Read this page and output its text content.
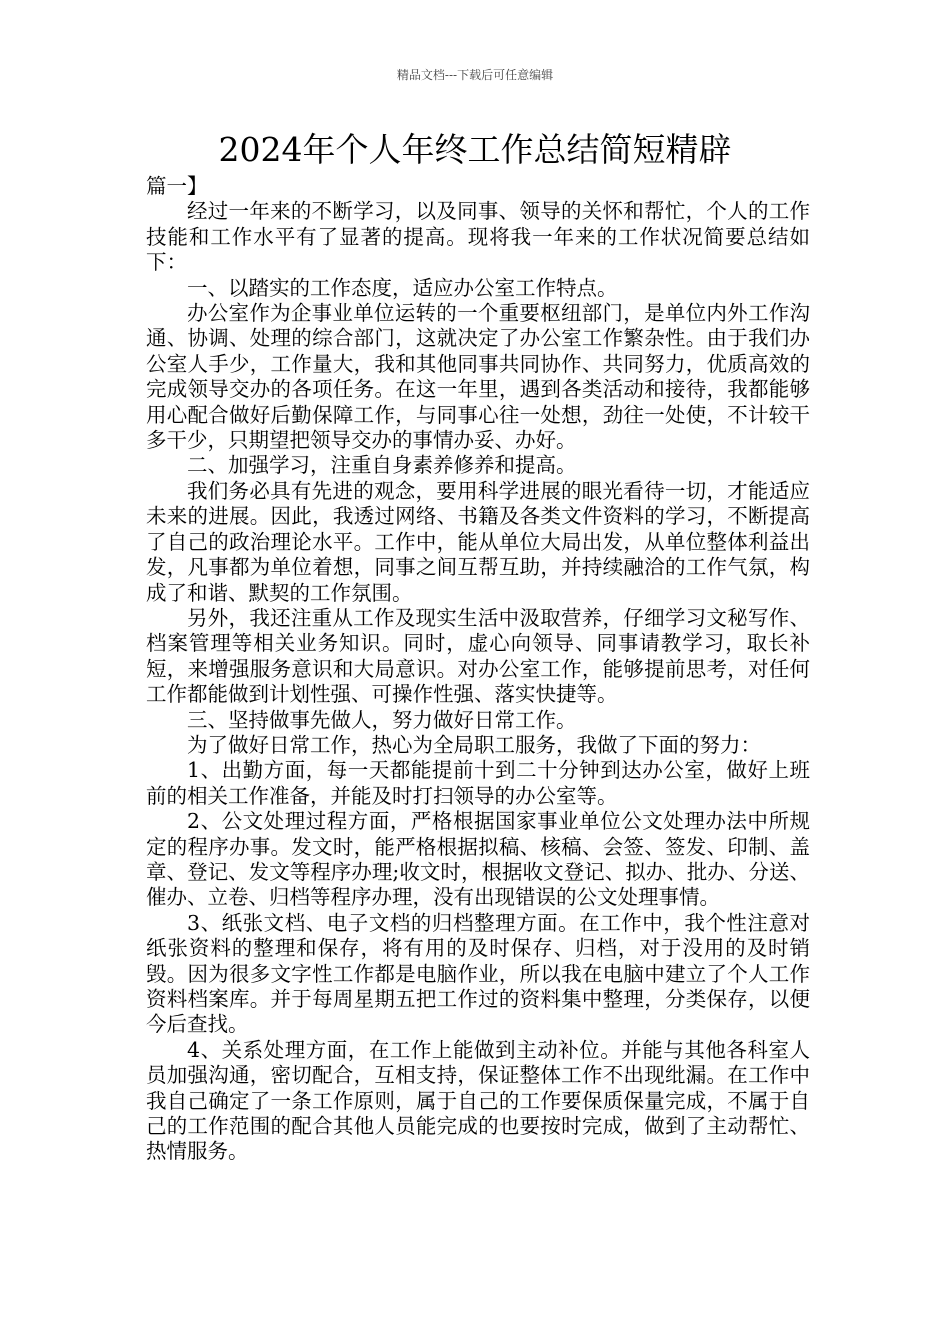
精品文档---下载后可任意编辑
2024年个人年终工作总结简短精辟

篇一】

经过一年来的不断学习，以及同事、领导的关怀和帮忙，个人的工作技能和工作水平有了显著的提高。现将我一年来的工作状况简要总结如下：

一、以踏实的工作态度，适应办公室工作特点。

办公室作为企事业单位运转的一个重要枢纽部门，是单位内外工作沟通、协调、处理的综合部门，这就决定了办公室工作繁杂性。由于我们办公室人手少，工作量大，我和其他同事共同协作、共同努力，优质高效的完成领导交办的各项任务。在这一年里，遇到各类活动和接待，我都能够用心配合做好后勤保障工作，与同事心往一处想，劲往一处使，不计较干多干少，只期望把领导交办的事情办妥、办好。

二、加强学习，注重自身素养修养和提高。

我们务必具有先进的观念，要用科学进展的眼光看待一切，才能适应未来的进展。因此，我透过网络、书籍及各类文件资料的学习，不断提高了自己的政治理论水平。工作中，能从单位大局出发，从单位整体利益出发，凡事都为单位着想，同事之间互帮互助，并持续融洽的工作气氛，构成了和谐、默契的工作氛围。

另外，我还注重从工作及现实生活中汲取营养，仔细学习文秘写作、档案管理等相关业务知识。同时，虚心向领导、同事请教学习，取长补短，来增强服务意识和大局意识。对办公室工作，能够提前思考，对任何工作都能做到计划性强、可操作性强、落实快捷等。

三、坚持做事先做人，努力做好日常工作。

为了做好日常工作，热心为全局职工服务，我做了下面的努力：

1、出勤方面，每一天都能提前十到二十分钟到达办公室，做好上班前的相关工作准备，并能及时打扫领导的办公室等。

2、公文处理过程方面，严格根据国家事业单位公文处理办法中所规定的程序办事。发文时，能严格根据拟稿、核稿、会签、签发、印制、盖章、登记、发文等程序办理;收文时，根据收文登记、拟办、批办、分送、催办、立卷、归档等程序办理，没有出现错误的公文处理事情。

3、纸张文档、电子文档的归档整理方面。在工作中，我个性注意对纸张资料的整理和保存，将有用的及时保存、归档，对于没用的及时销毁。因为很多文字性工作都是电脑作业，所以我在电脑中建立了个人工作资料档案库。并于每周星期五把工作过的资料集中整理，分类保存，以便今后查找。

4、关系处理方面，在工作上能做到主动补位。并能与其他各科室人员加强沟通，密切配合，互相支持，保证整体工作不出现纰漏。在工作中我自己确定了一条工作原则，属于自己的工作要保质保量完成，不属于自己的工作范围的配合其他人员能完成的也要按时完成，做到了主动帮忙、热情服务。
